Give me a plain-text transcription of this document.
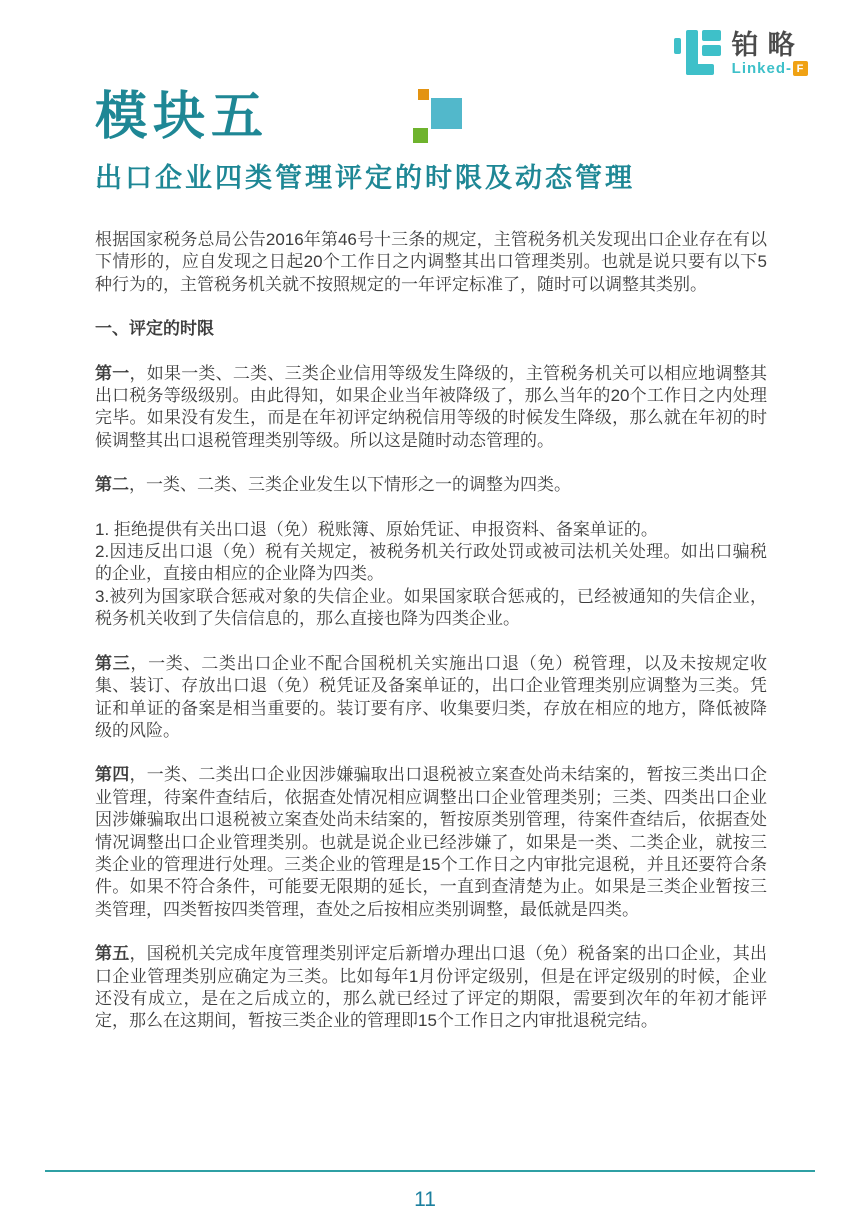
铂略
Linked- F
模块五
出口企业四类管理评定的时限及动态管理

根据国家税务总局公告2016年第46号十三条的规定，主管税务机关发现出口企业存在有以下情形的，应自发现之日起20个工作日之内调整其出口管理类别。也就是说只要有以下5种行为的，主管税务机关就不按照规定的一年评定标准了，随时可以调整其类别。

一、评定的时限

第一，如果一类、二类、三类企业信用等级发生降级的，主管税务机关可以相应地调整其出口税务等级级别。由此得知，如果企业当年被降级了，那么当年的20个工作日之内处理完毕。如果没有发生，而是在年初评定纳税信用等级的时候发生降级，那么就在年初的时候调整其出口退税管理类别等级。所以这是随时动态管理的。

第二，一类、二类、三类企业发生以下情形之一的调整为四类。

1. 拒绝提供有关出口退（免）税账簿、原始凭证、申报资料、备案单证的。
2.因违反出口退（免）税有关规定，被税务机关行政处罚或被司法机关处理。如出口骗税的企业，直接由相应的企业降为四类。
3.被列为国家联合惩戒对象的失信企业。如果国家联合惩戒的，已经被通知的失信企业，税务机关收到了失信信息的，那么直接也降为四类企业。

第三，一类、二类出口企业不配合国税机关实施出口退（免）税管理，以及未按规定收集、装订、存放出口退（免）税凭证及备案单证的，出口企业管理类别应调整为三类。凭证和单证的备案是相当重要的。装订要有序、收集要归类，存放在相应的地方，降低被降级的风险。

第四，一类、二类出口企业因涉嫌骗取出口退税被立案查处尚未结案的，暂按三类出口企业管理，待案件查结后，依据查处情况相应调整出口企业管理类别；三类、四类出口企业因涉嫌骗取出口退税被立案查处尚未结案的，暂按原类别管理，待案件查结后，依据查处情况调整出口企业管理类别。也就是说企业已经涉嫌了，如果是一类、二类企业，就按三类企业的管理进行处理。三类企业的管理是15个工作日之内审批完退税，并且还要符合条件。如果不符合条件，可能要无限期的延长，一直到查清楚为止。如果是三类企业暂按三类管理，四类暂按四类管理，查处之后按相应类别调整，最低就是四类。

第五，国税机关完成年度管理类别评定后新增办理出口退（免）税备案的出口企业，其出口企业管理类别应确定为三类。比如每年1月份评定级别，但是在评定级别的时候，企业还没有成立，是在之后成立的，那么就已经过了评定的期限，需要到次年的年初才能评定，那么在这期间，暂按三类企业的管理即15个工作日之内审批退税完结。

11
